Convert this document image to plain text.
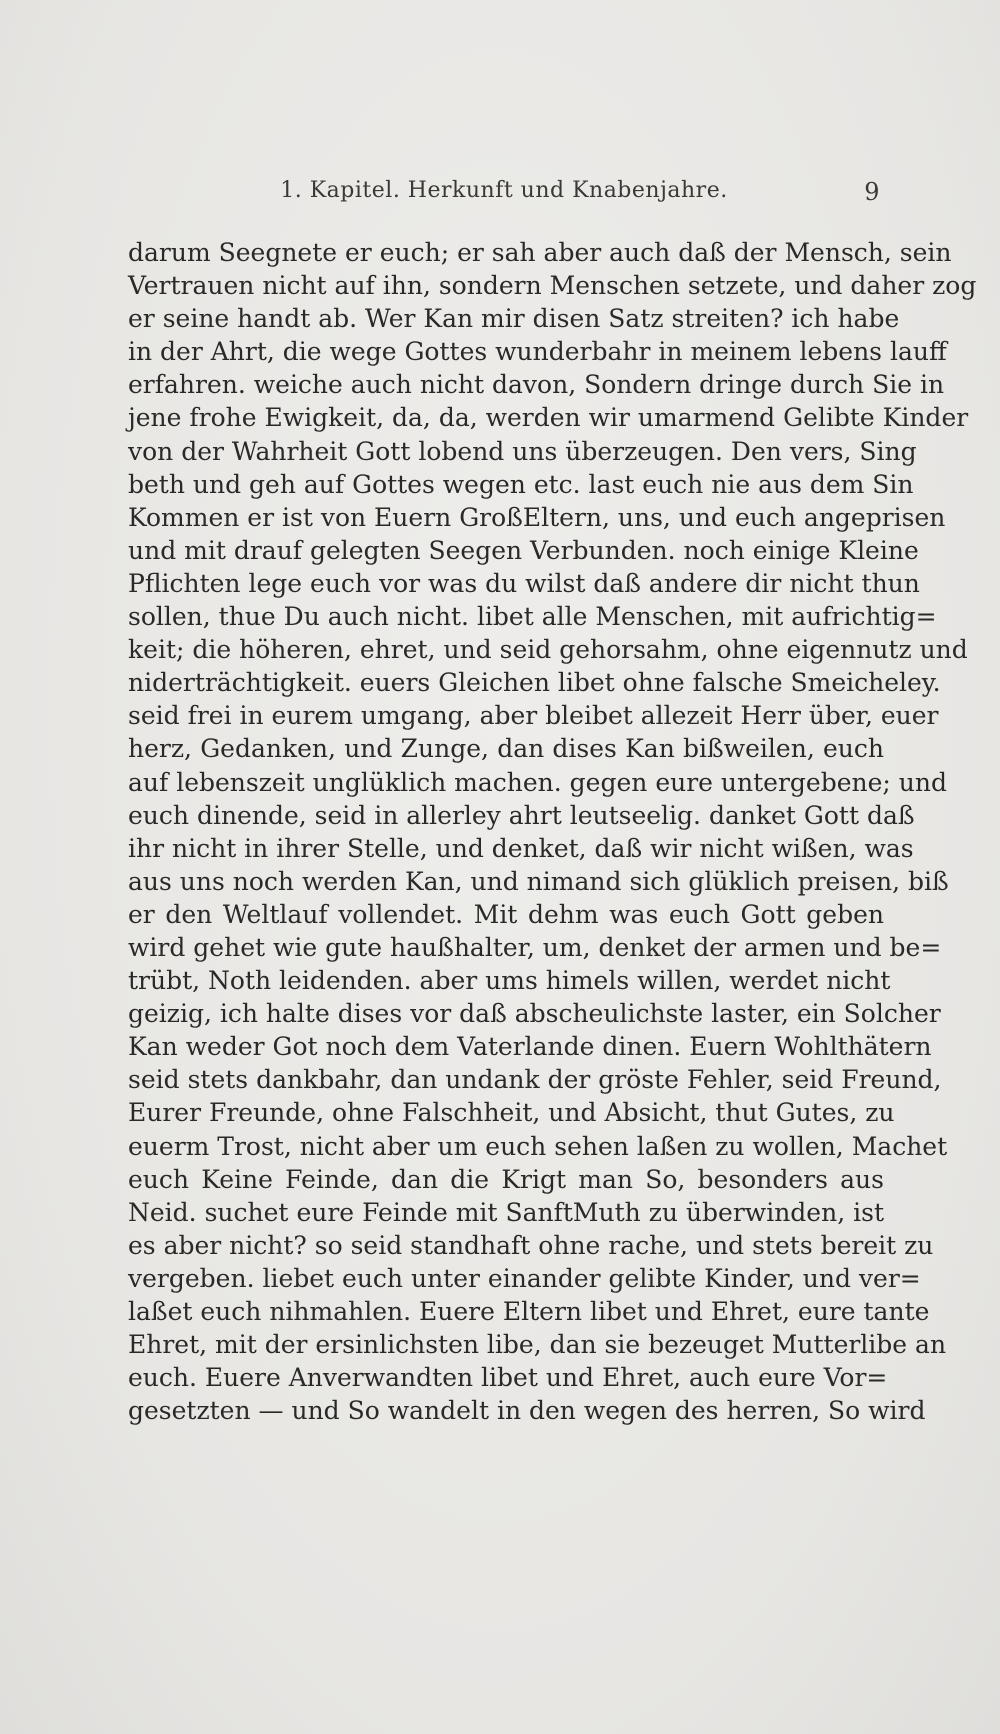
1. Kapitel. Herkunft und Knabenjahre.	9
darum Seegnete er euch; er sah aber auch daß der Mensch, sein
Vertrauen nicht auf ihn, sondern Menschen setzete, und daher zog
er seine handt ab. Wer Kan mir disen Satz streiten? ich habe
in der Ahrt, die wege Gottes wunderbahr in meinem lebens lauff
erfahren. weiche auch nicht davon, Sondern dringe durch Sie in
jene frohe Ewigkeit, da, da, werden wir umarmend Gelibte Kinder
von der Wahrheit Gott lobend uns überzeugen. Den vers, Sing
beth und geh auf Gottes wegen etc. last euch nie aus dem Sin
Kommen er ist von Euern GroßEltern, uns, und euch angeprisen
und mit drauf gelegten Seegen Verbunden. noch einige Kleine
Pflichten lege euch vor was du wilst daß andere dir nicht thun
sollen, thue Du auch nicht. libet alle Menschen, mit aufrichtig=
keit; die höheren, ehret, und seid gehorsahm, ohne eigennutz und
niderträchtigkeit. euers Gleichen libet ohne falsche Smeicheley.
seid frei in eurem umgang, aber bleibet allezeit Herr über, euer
herz, Gedanken, und Zunge, dan dises Kan bißweilen, euch
auf lebenszeit unglüklich machen. gegen eure untergebene; und
euch dinende, seid in allerley ahrt leutseelig. danket Gott daß
ihr nicht in ihrer Stelle, und denket, daß wir nicht wißen, was
aus uns noch werden Kan, und nimand sich glüklich preisen, biß
er den Weltlauf vollendet. Mit dehm was euch Gott geben
wird gehet wie gute haußhalter, um, denket der armen und be=
trübt, Noth leidenden. aber ums himels willen, werdet nicht
geizig, ich halte dises vor daß abscheulichste laster, ein Solcher
Kan weder Got noch dem Vaterlande dinen. Euern Wohlthätern
seid stets dankbahr, dan undank der gröste Fehler, seid Freund,
Eurer Freunde, ohne Falschheit, und Absicht, thut Gutes, zu
euerm Trost, nicht aber um euch sehen laßen zu wollen, Machet
euch Keine Feinde, dan die Krigt man So, besonders aus
Neid. suchet eure Feinde mit SanftMuth zu überwinden, ist
es aber nicht? so seid standhaft ohne rache, und stets bereit zu
vergeben. liebet euch unter einander gelibte Kinder, und ver=
laßet euch nihmahlen. Euere Eltern libet und Ehret, eure tante
Ehret, mit der ersinlichsten libe, dan sie bezeuget Mutterlibe an
euch. Euere Anverwandten libet und Ehret, auch eure Vor=
gesetzten — und So wandelt in den wegen des herren, So wird
